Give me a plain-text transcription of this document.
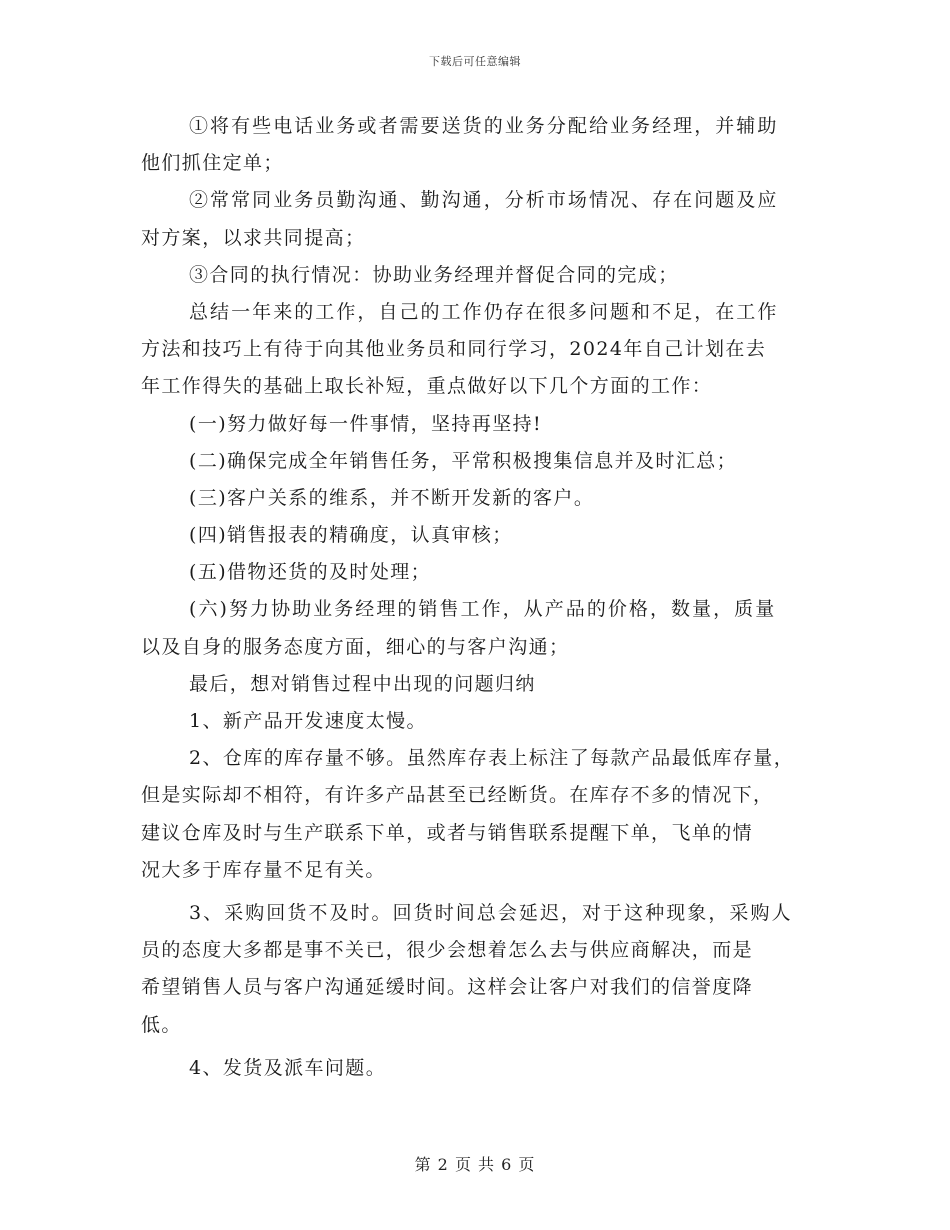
下载后可任意编辑
①将有些电话业务或者需要送货的业务分配给业务经理，并辅助
他们抓住定单；
②常常同业务员勤沟通、勤沟通，分析市场情况、存在问题及应
对方案，以求共同提高；
③合同的执行情况：协助业务经理并督促合同的完成；
总结一年来的工作，自己的工作仍存在很多问题和不足，在工作
方法和技巧上有待于向其他业务员和同行学习，2024年自己计划在去
年工作得失的基础上取长补短，重点做好以下几个方面的工作：
(一)努力做好每一件事情，坚持再坚持!
(二)确保完成全年销售任务，平常积极搜集信息并及时汇总；
(三)客户关系的维系，并不断开发新的客户。
(四)销售报表的精确度，认真审核；
(五)借物还货的及时处理；
(六)努力协助业务经理的销售工作，从产品的价格，数量，质量
以及自身的服务态度方面，细心的与客户沟通；
最后，想对销售过程中出现的问题归纳
1、新产品开发速度太慢。
2、仓库的库存量不够。虽然库存表上标注了每款产品最低库存量，
但是实际却不相符，有许多产品甚至已经断货。在库存不多的情况下，
建议仓库及时与生产联系下单，或者与销售联系提醒下单，飞单的情
况大多于库存量不足有关。
3、采购回货不及时。回货时间总会延迟，对于这种现象，采购人
员的态度大多都是事不关已，很少会想着怎么去与供应商解决，而是
希望销售人员与客户沟通延缓时间。这样会让客户对我们的信誉度降
低。
4、发货及派车问题。
第 2 页 共 6 页
